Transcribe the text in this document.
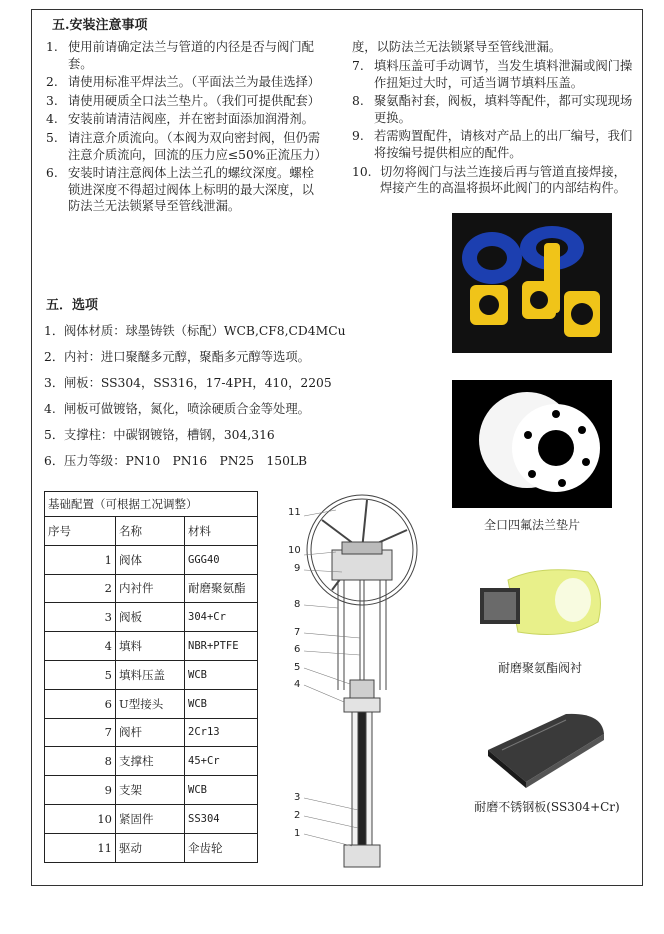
五.安装注意事项
1. 使用前请确定法兰与管道的内径是否与阀门配套。
2. 请使用标准平焊法兰。（平面法兰为最佳选择）
3. 请使用硬质全口法兰垫片。（我们可提供配套）
4. 安装前请清洁阀座，并在密封面添加润滑剂。
5. 请注意介质流向。（本阀为双向密封阀，但仍需注意介质流向，回流的压力应≤50%正流压力）
6. 安装时请注意阀体上法兰孔的螺纹深度。螺栓锁进深度不得超过阀体上标明的最大深度，以防法兰无法锁紧导至管线泄漏。
度，以防法兰无法锁紧导至管线泄漏。
7. 填料压盖可手动调节，当发生填料泄漏或阀门操作扭矩过大时，可适当调节填料压盖。
8. 聚氨酯衬套，阀板，填料等配件，都可实现现场更换。
9. 若需购置配件，请核对产品上的出厂编号，我们将按编号提供相应的配件。
10. 切勿将阀门与法兰连接后再与管道直接焊接，焊接产生的高温将损坏此阀门的内部结构件。
五．选项
1．阀体材质：球墨铸铁（标配）WCB,CF8,CD4MCu
2．内衬：进口聚醚多元醇，聚酯多元醇等选项。
3．闸板：SS304，SS316，17-4PH，410，2205
4. 闸板可做镀铬，氮化，喷涂硬质合金等处理。
5．支撑柱：中碳钢镀铬，槽钢，304,316
6．压力等级：PN10　PN16　PN25　150LB
基础配置（可根据工况调整）		
序号	名称	材料
1	阀体	GGG40
2	内衬件	耐磨聚氨酯
3	阀板	304+Cr
4	填料	NBR+PTFE
5	填料压盖	WCB
6	U型接头	WCB
7	阀杆	2Cr13
8	支撑柱	45+Cr
9	支架	WCB
10	紧固件	SS304
11	驱动	伞齿轮
11
10
9
8
7
6
5
4
3
2
1
全口四氟法兰垫片
耐磨聚氨酯阀衬
耐磨不锈钢板(SS304+Cr)
